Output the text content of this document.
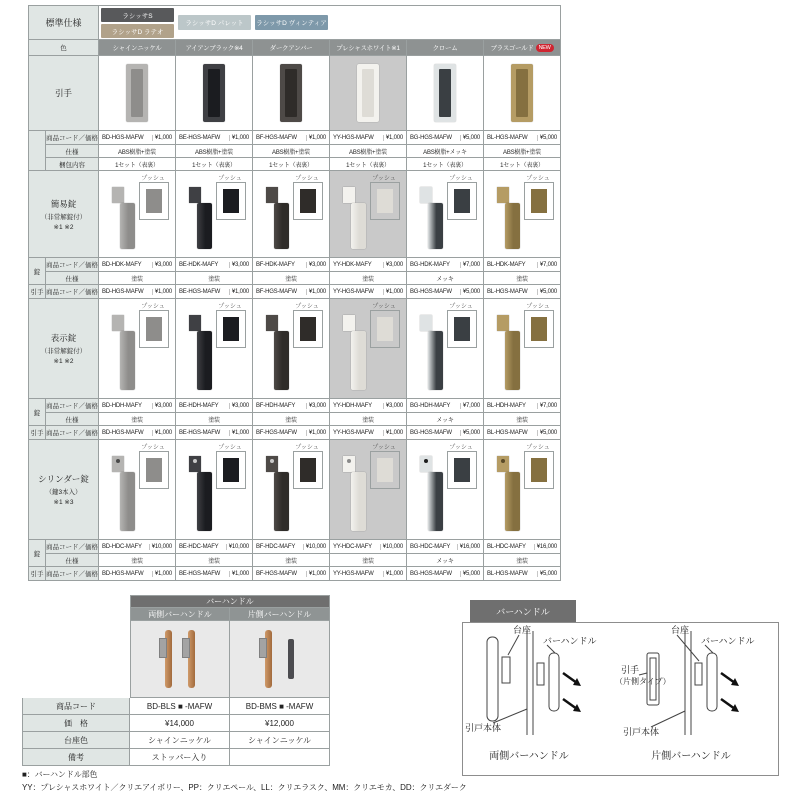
標準仕様
ラシッサS
ラシッサD ラテオ
ラシッサD パレット	ラシッサD ヴィンティア
色	シャインニッケル	アイアンブラック※4	ダークアンバー	プレシャスホワイト※1	クローム	ブラスゴールド NEW
引手
商品コード／価格 BD-HGS-MAFW	¥1,000 BE-HGS-MAFW	¥1,000 BF-HGS-MAFW	¥1,000 YY-HGS-MAFW	¥1,000 BG-HGS-MAFW	¥5,000 BL-HGS-MAFW	¥5,000
仕様	ABS樹脂+塗装	ABS樹脂+塗装	ABS樹脂+塗装	ABS樹脂+塗装	ABS樹脂+メッキ	ABS樹脂+塗装
梱包内容	1セット（表裏）	1セット（表裏）	1セット（表裏）	1セット（表裏）	1セット（表裏）	1セット（表裏）
簡易錠
（非常解錠付）
※1 ※2
プッシュ	プッシュ	プッシュ	プッシュ	プッシュ	プッシュ
錠
商品コード／価格 BD-HDK-MAFY	¥3,000 BE-HDK-MAFY	¥3,000 BF-HDK-MAFY	¥3,000 YY-HDK-MAFY	¥3,000 BG-HDK-MAFY	¥7,000 BL-HDK-MAFY	¥7,000
仕様	塗装	塗装	塗装	塗装	メッキ	塗装
引手 商品コード／価格 BD-HGS-MAFW	¥1,000 BE-HGS-MAFW	¥1,000 BF-HGS-MAFW	¥1,000 YY-HGS-MAFW	¥1,000 BG-HGS-MAFW	¥5,000 BL-HGS-MAFW	¥5,000
表示錠
（非常解錠付）
※1 ※2
プッシュ	プッシュ	プッシュ	プッシュ	プッシュ	プッシュ
錠
商品コード／価格 BD-HDH-MAFY	¥3,000 BE-HDH-MAFY	¥3,000 BF-HDH-MAFY	¥3,000 YY-HDH-MAFY	¥3,000 BG-HDH-MAFY	¥7,000 BL-HDH-MAFY	¥7,000
仕様	塗装	塗装	塗装	塗装	メッキ	塗装
引手 商品コード／価格 BD-HGS-MAFW	¥1,000 BE-HGS-MAFW	¥1,000 BF-HGS-MAFW	¥1,000 YY-HGS-MAFW	¥1,000 BG-HGS-MAFW	¥5,000 BL-HGS-MAFW	¥5,000
シリンダー錠
（鍵3本入）
※1 ※3
プッシュ	プッシュ	プッシュ	プッシュ	プッシュ	プッシュ
錠
商品コード／価格 BD-HDC-MAFY	¥10,000 BE-HDC-MAFY	¥10,000 BF-HDC-MAFY	¥10,000 YY-HDC-MAFY	¥10,000 BG-HDC-MAFY	¥16,000 BL-HDC-MAFY	¥16,000
仕様	塗装	塗装	塗装	塗装	メッキ	塗装
引手 商品コード／価格 BD-HGS-MAFW	¥1,000 BE-HGS-MAFW	¥1,000 BF-HGS-MAFW	¥1,000 YY-HGS-MAFW	¥1,000 BG-HGS-MAFW	¥5,000 BL-HGS-MAFW	¥5,000
バーハンドル
両側バーハンドル	片側バーハンドル
商品コード	BD-BLS ■ -MAFW	BD-BMS ■ -MAFW
価　格	¥14,000	¥12,000
台座色	シャインニッケル	シャインニッケル
備考	ストッパー入り
■：バーハンドル部色
YY：プレシャスホワイト／クリエアイボリー、PP：クリエペール、LL：クリエラスク、MM：クリエモカ、DD：クリエダーク
バーハンドル
台座
バーハンドル
引戸本体
両側バーハンドル
台座
バーハンドル
引手
（片側タイプ）
引戸本体
片側バーハンドル
